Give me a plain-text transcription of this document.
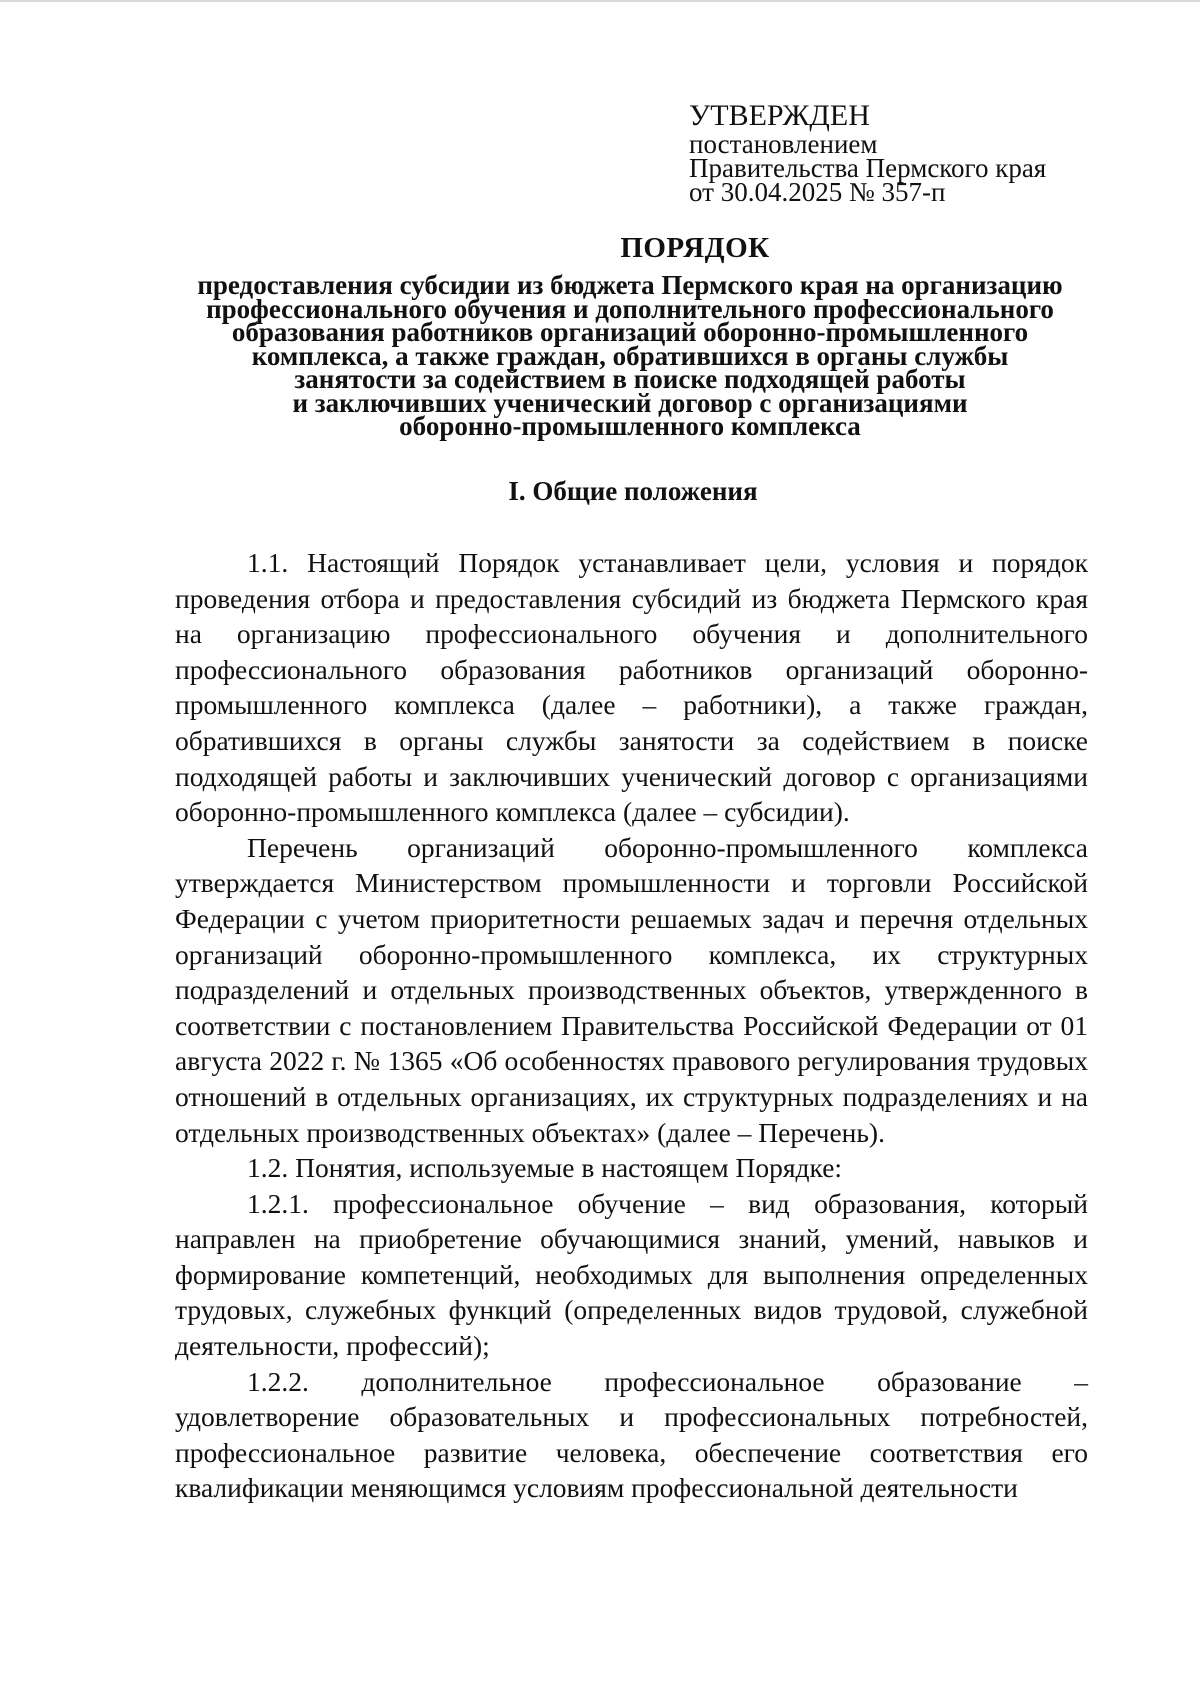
УТВЕРЖДЕН
постановлением
Правительства Пермского края
от 30.04.2025 № 357-п
ПОРЯДОК
предоставления субсидии из бюджета Пермского края на организацию
профессионального обучения и дополнительного профессионального
образования работников организаций оборонно-промышленного
комплекса, а также граждан, обратившихся в органы службы
занятости за содействием в поиске подходящей работы
и заключивших ученический договор с организациями
оборонно-промышленного комплекса
I. Общие положения

1.1. Настоящий Порядок устанавливает цели, условия и порядок проведения отбора и предоставления субсидий из бюджета Пермского края на организацию профессионального обучения и дополнительного профессионального образования работников организаций оборонно-промышленного комплекса (далее – работники), а также граждан, обратившихся в органы службы занятости за содействием в поиске подходящей работы и заключивших ученический договор с организациями оборонно-промышленного комплекса (далее – субсидии).

Перечень организаций оборонно-промышленного комплекса утверждается Министерством промышленности и торговли Российской Федерации с учетом приоритетности решаемых задач и перечня отдельных организаций оборонно-промышленного комплекса, их структурных подразделений и отдельных производственных объектов, утвержденного в соответствии с постановлением Правительства Российской Федерации от 01 августа 2022 г. № 1365 «Об особенностях правового регулирования трудовых отношений в отдельных организациях, их структурных подразделениях и на отдельных производственных объектах» (далее – Перечень).

1.2. Понятия, используемые в настоящем Порядке:

1.2.1. профессиональное обучение – вид образования, который направлен на приобретение обучающимися знаний, умений, навыков и формирование компетенций, необходимых для выполнения определенных трудовых, служебных функций (определенных видов трудовой, служебной деятельности, профессий);

1.2.2. дополнительное профессиональное образование – удовлетворение образовательных и профессиональных потребностей, профессиональное развитие человека, обеспечение соответствия его квалификации меняющимся условиям профессиональной деятельности
